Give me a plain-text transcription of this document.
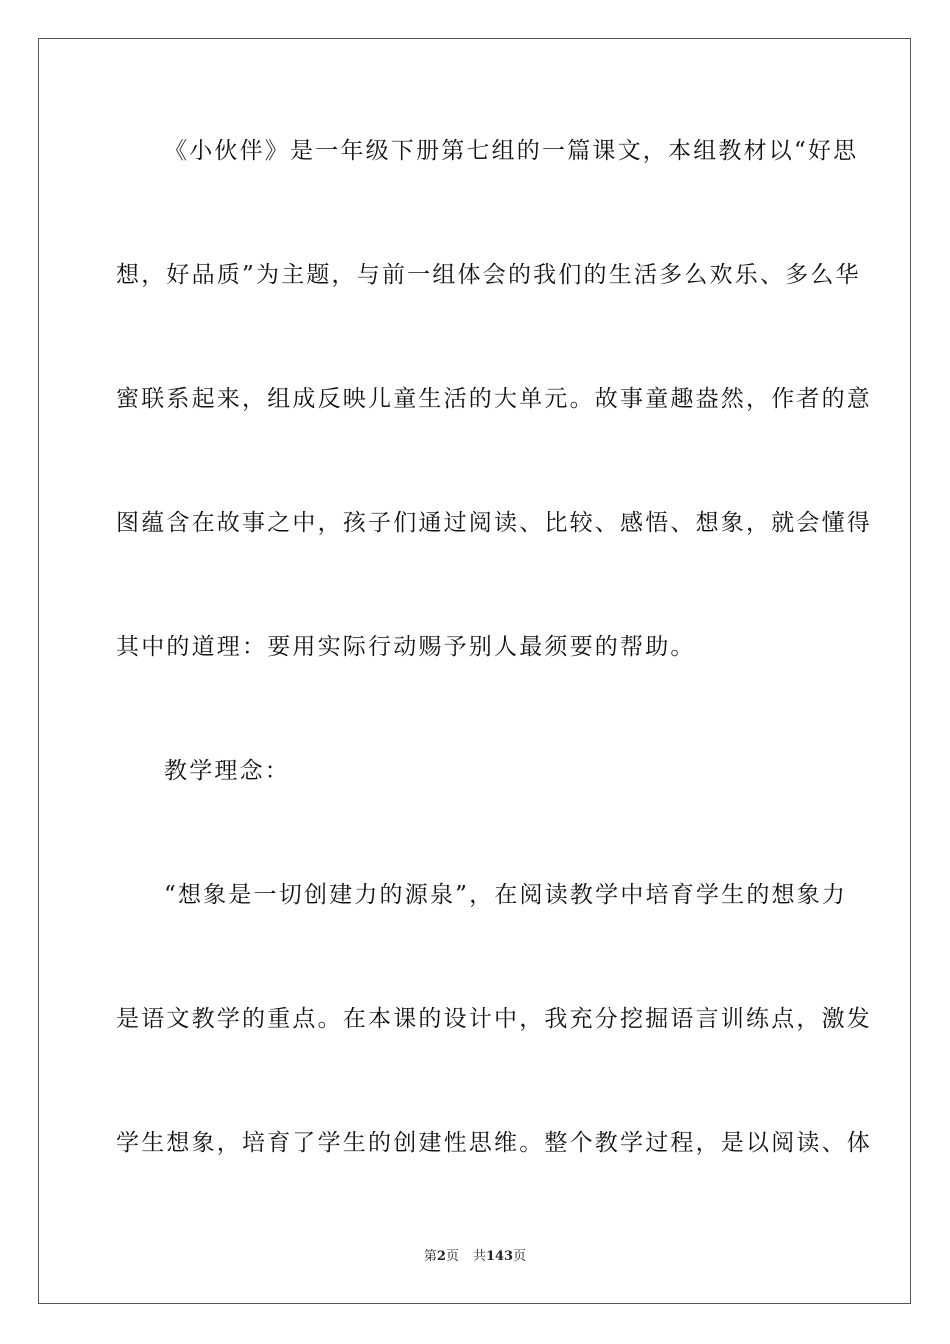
《小伙伴》是一年级下册第七组的一篇课文，本组教材以“好思
想，好品质”为主题，与前一组体会的我们的生活多么欢乐、多么华
蜜联系起来，组成反映儿童生活的大单元。故事童趣盎然，作者的意
图蕴含在故事之中，孩子们通过阅读、比较、感悟、想象，就会懂得
其中的道理：要用实际行动赐予别人最须要的帮助。
教学理念：
“想象是一切创建力的源泉”，在阅读教学中培育学生的想象力
是语文教学的重点。在本课的设计中，我充分挖掘语言训练点，激发
学生想象，培育了学生的创建性思维。整个教学过程，是以阅读、体
第2页 共143页
